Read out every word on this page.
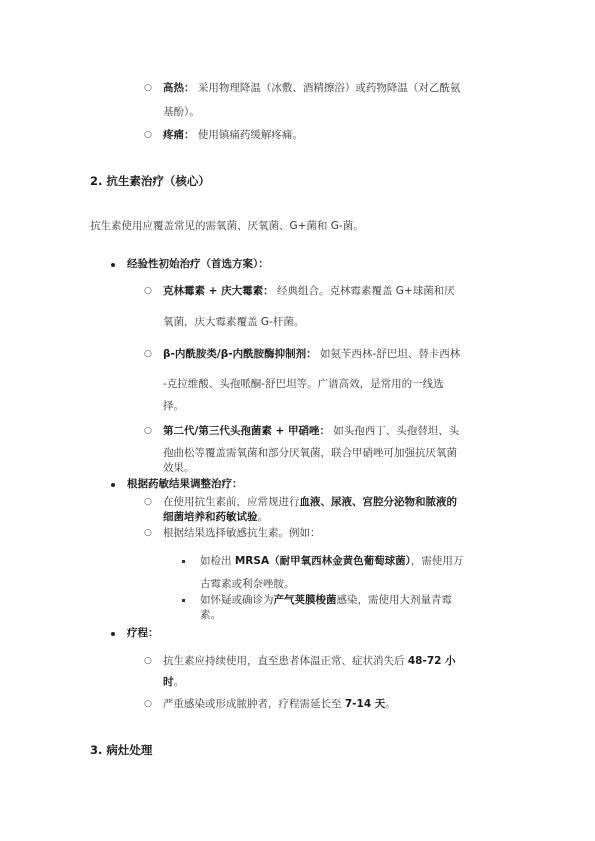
○ 高热： 采用物理降温（冰敷、酒精擦浴）或药物降温（对乙酰氨
基酚）。
○ 疼痛： 使用镇痛药缓解疼痛。
2. 抗生素治疗（核心）
抗生素使用应覆盖常见的需氧菌、厌氧菌、G+菌和 G-菌。
经验性初始治疗（首选方案）：
○ 克林霉素 + 庆大霉素： 经典组合。克林霉素覆盖 G+球菌和厌
氧菌，庆大霉素覆盖 G-杆菌。
○ β-内酰胺类/β-内酰胺酶抑制剂： 如氨苄西林-舒巴坦、替卡西林
-克拉维酸、头孢哌酮-舒巴坦等。广谱高效，是常用的一线选
择。
○ 第二代/第三代头孢菌素 + 甲硝唑： 如头孢西丁、头孢替坦、头
孢曲松等覆盖需氧菌和部分厌氧菌，联合甲硝唑可加强抗厌氧菌
效果。
根据药敏结果调整治疗：
○ 在使用抗生素前，应常规进行血液、尿液、宫腔分泌物和脓液的
细菌培养和药敏试验。
○ 根据结果选择敏感抗生素。例如：
如检出 MRSA（耐甲氧西林金黄色葡萄球菌），需使用万
古霉素或利奈唑胺。
如怀疑或确诊为产气荚膜梭菌感染，需使用大剂量青霉
素。
疗程：
○ 抗生素应持续使用，直至患者体温正常、症状消失后 48-72 小
时。
○ 严重感染或形成脓肿者，疗程需延长至 7-14 天。
3. 病灶处理
